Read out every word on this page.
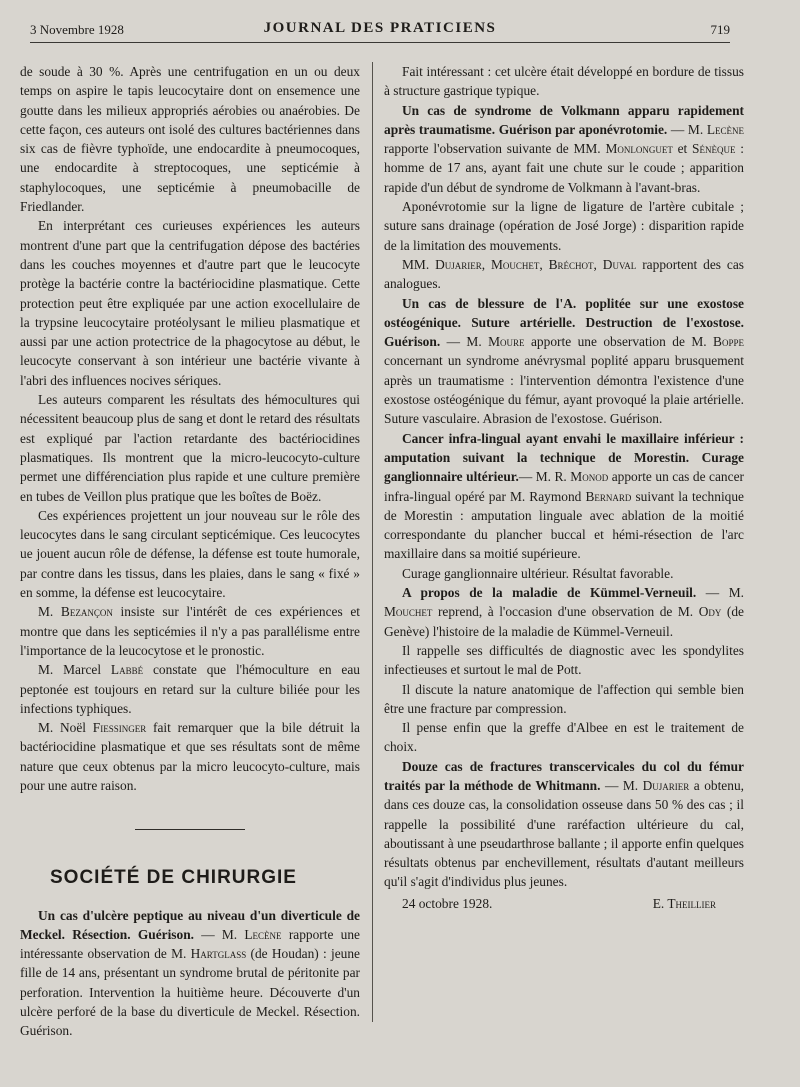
3 Novembre 1928	JOURNAL DES PRATICIENS	719

de soude à 30 %. Après une centrifugation en un ou deux temps on aspire le tapis leucocytaire dont on ensemence une goutte dans les milieux appropriés aérobies ou anaérobies. De cette façon, ces auteurs ont isolé des cultures bactériennes dans six cas de fièvre typhoïde, une endocardite à pneumocoques, une endocardite à streptocoques, une septicémie à staphylocoques, une septicémie à pneumobacille de Friedlander.

En interprétant ces curieuses expériences les auteurs montrent d'une part que la centrifugation dépose des bactéries dans les couches moyennes et d'autre part que le leucocyte protège la bactérie contre la bactériocidine plasmatique. Cette protection peut être expliquée par une action exocellulaire de la trypsine leucocytaire protéolysant le milieu plasmatique et aussi par une action protectrice de la phagocytose au début, le leucocyte conservant à son intérieur une bactérie vivante à l'abri des influences nocives sériques.

Les auteurs comparent les résultats des hémocultures qui nécessitent beaucoup plus de sang et dont le retard des résultats est expliqué par l'action retardante des bactériocidines plasmatiques. Ils montrent que la micro-leucocyto-culture permet une différenciation plus rapide et une culture première en tubes de Veillon plus pratique que les boîtes de Boëz.

Ces expériences projettent un jour nouveau sur le rôle des leucocytes dans le sang circulant septicémique. Ces leucocytes ue jouent aucun rôle de défense, la défense est toute humorale, par contre dans les tissus, dans les plaies, dans le sang « fixé » en somme, la défense est leucocytaire.

M. Bezançon insiste sur l'intérêt de ces expériences et montre que dans les septicémies il n'y a pas parallélisme entre l'importance de la leucocytose et le pronostic.

M. Marcel Labbé constate que l'hémoculture en eau peptonée est toujours en retard sur la culture biliée pour les infections typhiques.

M. Noël Fiessinger fait remarquer que la bile détruit la bactériocidine plasmatique et que ses résultats sont de même nature que ceux obtenus par la micro leucocyto-culture, mais pour une autre raison.

SOCIÉTÉ DE CHIRURGIE

Un cas d'ulcère peptique au niveau d'un diverticule de Meckel. Résection. Guérison. — M. Lecène rapporte une intéressante observation de M. Hartglass (de Houdan) : jeune fille de 14 ans, présentant un syndrome brutal de péritonite par perforation. Intervention la huitième heure. Découverte d'un ulcère perforé de la base du diverticule de Meckel. Résection. Guérison.

Fait intéressant : cet ulcère était développé en bordure de tissus à structure gastrique typique.

Un cas de syndrome de Volkmann apparu rapidement après traumatisme. Guérison par aponévrotomie. — M. Lecène rapporte l'observation suivante de MM. Monlonguet et Sénèque : homme de 17 ans, ayant fait une chute sur le coude ; apparition rapide d'un début de syndrome de Volkmann à l'avant-bras.

Aponévrotomie sur la ligne de ligature de l'artère cubitale ; suture sans drainage (opération de José Jorge) : disparition rapide de la limitation des mouvements.

MM. Dujarier, Mouchet, Bréchot, Duval rapportent des cas analogues.

Un cas de blessure de l'A. poplitée sur une exostose ostéogénique. Suture artérielle. Destruction de l'exostose. Guérison. — M. Moure apporte une observation de M. Boppe concernant un syndrome anévrysmal poplité apparu brusquement après un traumatisme : l'intervention démontra l'existence d'une exostose ostéogénique du fémur, ayant provoqué la plaie artérielle. Suture vasculaire. Abrasion de l'exostose. Guérison.

Cancer infra-lingual ayant envahi le maxillaire inférieur : amputation suivant la technique de Morestin. Curage ganglionnaire ultérieur.— M. R. Monod apporte un cas de cancer infra-lingual opéré par M. Raymond Bernard suivant la technique de Morestin : amputation linguale avec ablation de la moitié correspondante du plancher buccal et hémi-résection de l'arc maxillaire dans sa moitié supérieure.

Curage ganglionnaire ultérieur. Résultat favorable.

A propos de la maladie de Kümmel-Verneuil. — M. Mouchet reprend, à l'occasion d'une observation de M. Ody (de Genève) l'histoire de la maladie de Kümmel-Verneuil.

Il rappelle ses difficultés de diagnostic avec les spondylites infectieuses et surtout le mal de Pott.

Il discute la nature anatomique de l'affection qui semble bien être une fracture par compression.

Il pense enfin que la greffe d'Albee en est le traitement de choix.

Douze cas de fractures transcervicales du col du fémur traités par la méthode de Whitmann. — M. Dujarier a obtenu, dans ces douze cas, la consolidation osseuse dans 50 % des cas ; il rappelle la possibilité d'une raréfaction ultérieure du cal, aboutissant à une pseudarthrose ballante ; il apporte enfin quelques résultats obtenus par enchevillement, résultats d'autant meilleurs qu'il s'agit d'individus plus jeunes.

24 octobre 1928.	E. Theillier
